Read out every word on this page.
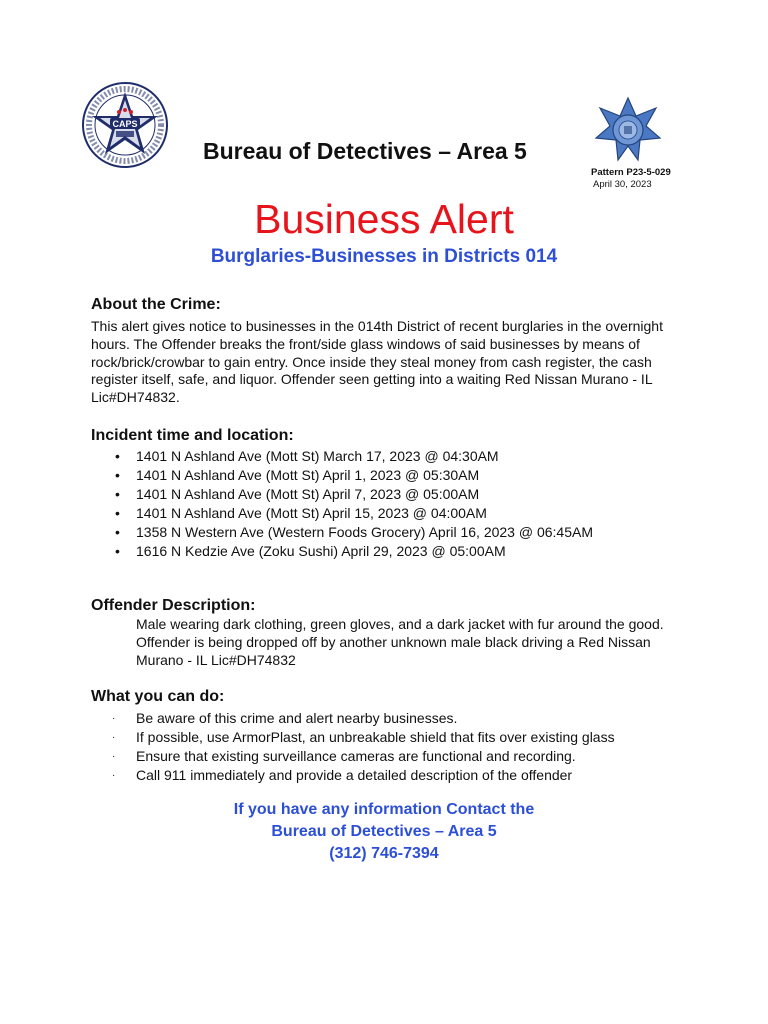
CAPS
Bureau of Detectives – Area 5
Pattern P23-5-029
April 30, 2023
Business Alert
Burglaries-Businesses in Districts 014
About the Crime:
This alert gives notice to businesses in the 014th District of recent burglaries in the overnight hours. The Offender breaks the front/side glass windows of said businesses by means of rock/brick/crowbar to gain entry. Once inside they steal money from cash register, the cash register itself, safe, and liquor. Offender seen getting into a waiting Red Nissan Murano - IL Lic#DH74832.
Incident time and location:
• 1401 N Ashland Ave (Mott St) March 17, 2023 @ 04:30AM
• 1401 N Ashland Ave (Mott St) April 1, 2023 @ 05:30AM
• 1401 N Ashland Ave (Mott St) April 7, 2023 @ 05:00AM
• 1401 N Ashland Ave (Mott St) April 15, 2023 @ 04:00AM
• 1358 N Western Ave (Western Foods Grocery) April 16, 2023 @ 06:45AM
• 1616 N Kedzie Ave (Zoku Sushi) April 29, 2023 @ 05:00AM
Offender Description:
Male wearing dark clothing, green gloves, and a dark jacket with fur around the good. Offender is being dropped off by another unknown male black driving a Red Nissan Murano - IL Lic#DH74832
What you can do:
· Be aware of this crime and alert nearby businesses.
· If possible, use ArmorPlast, an unbreakable shield that fits over existing glass
· Ensure that existing surveillance cameras are functional and recording.
· Call 911 immediately and provide a detailed description of the offender
If you have any information Contact the
Bureau of Detectives – Area 5
(312) 746-7394
